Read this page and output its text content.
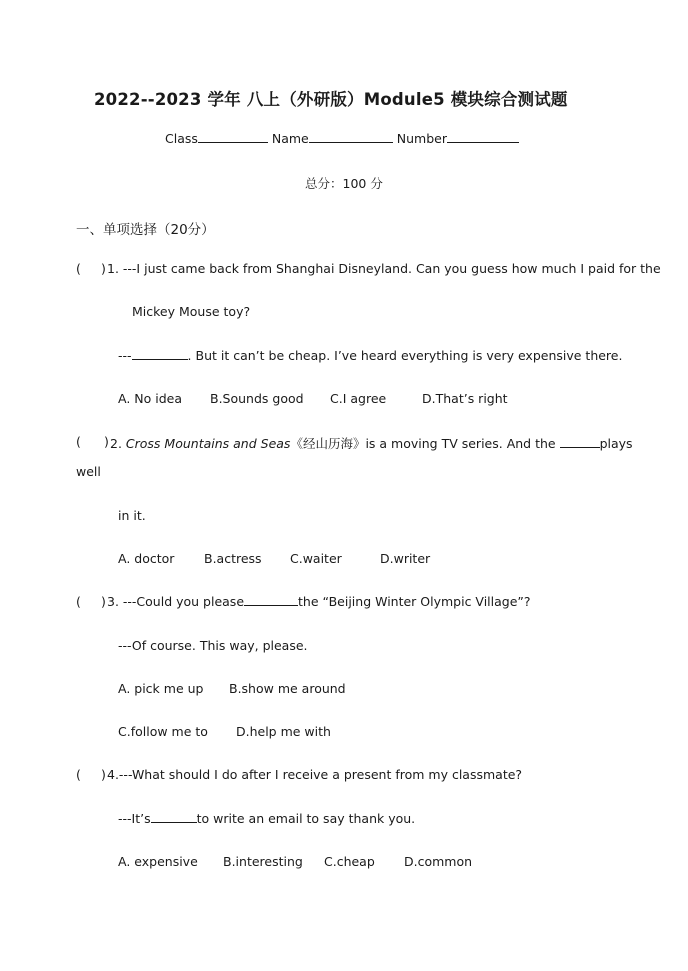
2022--2023 学年 八上（外研版）Module5 模块综合测试题
Class	Name	Number
总分：100 分
一、单项选择（20分）
( ) 1. ---I just came back from Shanghai Disneyland. Can you guess how much I paid for the
Mickey Mouse toy?
---	. But it can’t be cheap. I’ve heard everything is very expensive there.
A. No idea B.Sounds good C.I agree	D.That’s right
( ) 2. Cross Mountains and Seas《经山历海》is a moving TV series. And the	plays
well
in it.
A. doctor B.actress C.waiter	D.writer
( ) 3. ---Could you please	the “Beijing Winter Olympic Village”?
---Of course. This way, please.
A. pick me up B.show me around
C.follow me to D.help me with
( ) 4.---What should I do after I receive a present from my classmate?
---It’s	to write an email to say thank you.
A. expensive B.interesting C.cheap D.common
